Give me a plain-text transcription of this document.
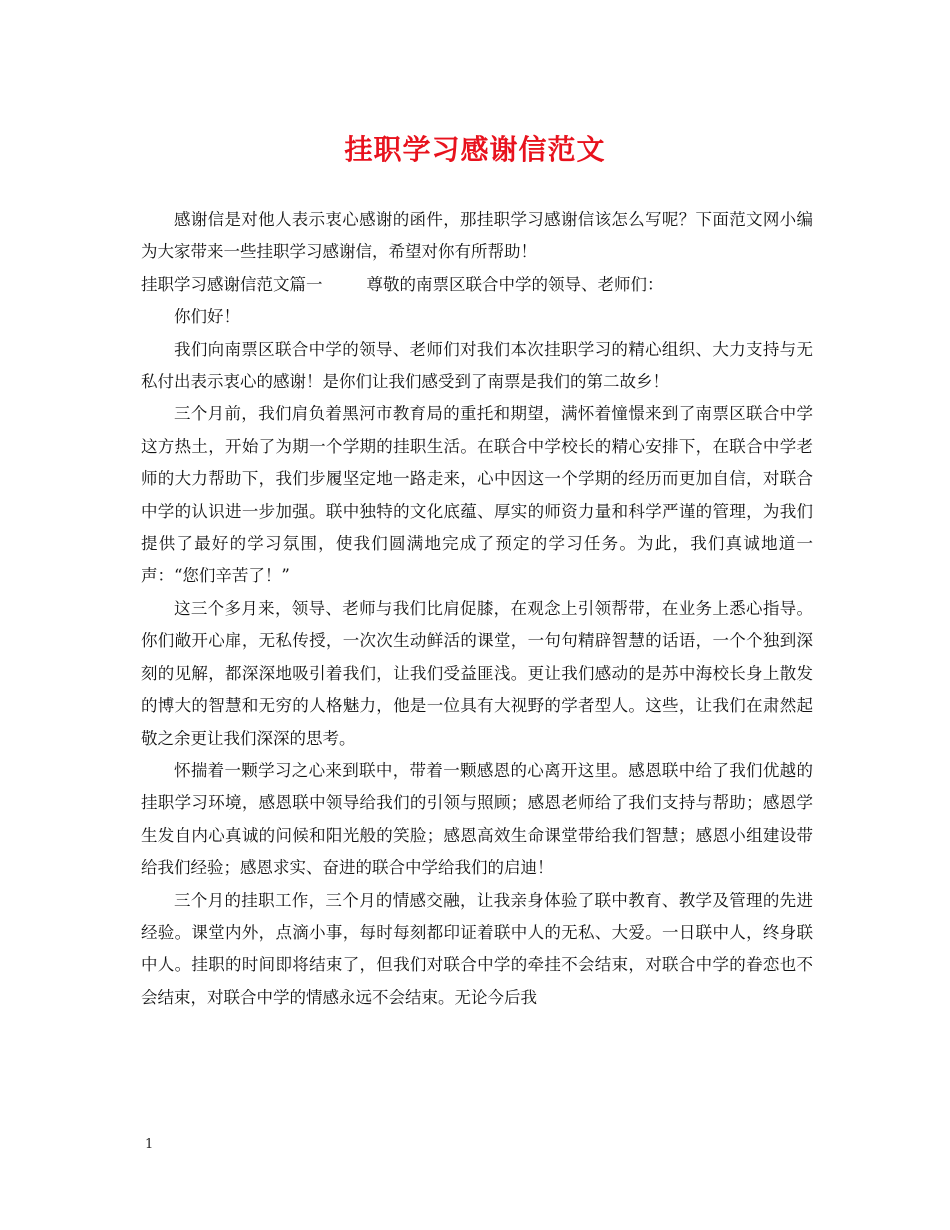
挂职学习感谢信范文

感谢信是对他人表示衷心感谢的函件，那挂职学习感谢信该怎么写呢？下面范文网小编为大家带来一些挂职学习感谢信，希望对你有所帮助！

挂职学习感谢信范文篇一	尊敬的南票区联合中学的领导、老师们：

你们好！

我们向南票区联合中学的领导、老师们对我们本次挂职学习的精心组织、大力支持与无私付出表示衷心的感谢！是你们让我们感受到了南票是我们的第二故乡！

三个月前，我们肩负着黑河市教育局的重托和期望，满怀着憧憬来到了南票区联合中学这方热土，开始了为期一个学期的挂职生活。在联合中学校长的精心安排下，在联合中学老师的大力帮助下，我们步履坚定地一路走来，心中因这一个学期的经历而更加自信，对联合中学的认识进一步加强。联中独特的文化底蕴、厚实的师资力量和科学严谨的管理，为我们提供了最好的学习氛围，使我们圆满地完成了预定的学习任务。为此，我们真诚地道一声：“您们辛苦了！”

这三个多月来，领导、老师与我们比肩促膝，在观念上引领帮带，在业务上悉心指导。你们敞开心扉，无私传授，一次次生动鲜活的课堂，一句句精辟智慧的话语，一个个独到深刻的见解，都深深地吸引着我们，让我们受益匪浅。更让我们感动的是苏中海校长身上散发的博大的智慧和无穷的人格魅力，他是一位具有大视野的学者型人。这些，让我们在肃然起敬之余更让我们深深的思考。

怀揣着一颗学习之心来到联中，带着一颗感恩的心离开这里。感恩联中给了我们优越的挂职学习环境，感恩联中领导给我们的引领与照顾；感恩老师给了我们支持与帮助；感恩学生发自内心真诚的问候和阳光般的笑脸；感恩高效生命课堂带给我们智慧；感恩小组建设带给我们经验；感恩求实、奋进的联合中学给我们的启迪！

三个月的挂职工作，三个月的情感交融，让我亲身体验了联中教育、教学及管理的先进经验。课堂内外，点滴小事，每时每刻都印证着联中人的无私、大爱。一日联中人，终身联中人。挂职的时间即将结束了，但我们对联合中学的牵挂不会结束，对联合中学的眷恋也不会结束，对联合中学的情感永远不会结束。无论今后我

1
